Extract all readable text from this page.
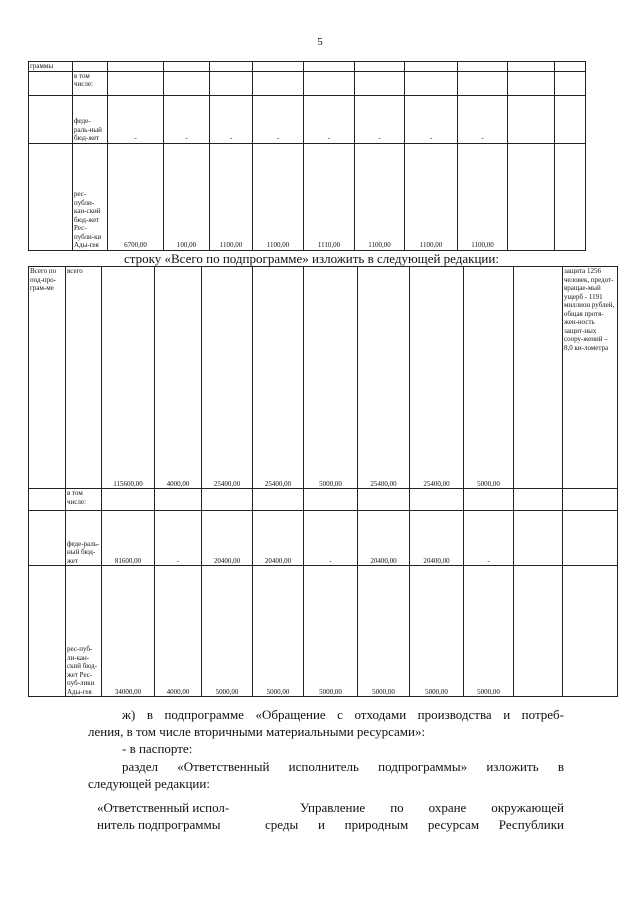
5
граммы											
	в том числе:										
	феде-раль-ный бюд-жет	-	-	-	-	-	-	-	-		
	рес-публи-кан-ский бюд-жет Рес-публи-ки Ады-гея	6700,00	100,00	1100,00	1100,00	1110,00	1100,00	1100,00	1100,00		
строку «Всего по подпрограмме» изложить в следующей редакции:
Всего по под-про-грам-ме	всего	115600,00	4000,00	25400,00	25400,00	5000,00	25400,00	25400,00	5000,00		защита 1256 человек, предот-вращае-мый ущерб - 1191 миллион рублей, общая протя-жен-ность защит-ных соору-жений – 8,0 ки-лометра
	в том числе:										
	феде-раль-ный бюд-жет	81600,00	-	20400,00	20400,00	-	20400,00	20400,00	-		
	рес-пуб-ли-кан-ский бюд-жет Рес-пуб-лики Ады-гея	34000,00	4000,00	5000,00	5000,00	5000,00	5000,00	5000,00	5000,00		
ж) в подпрограмме «Обращение с отходами производства и потреб-
ления, в том числе вторичными материальными ресурсами»:
- в паспорте:
раздел «Ответственный исполнитель подпрограммы» изложить в
следующей редакции:
«Ответственный испол-
нитель подпрограммы
Управление по охране окружающей
среды и природным ресурсам Республики
